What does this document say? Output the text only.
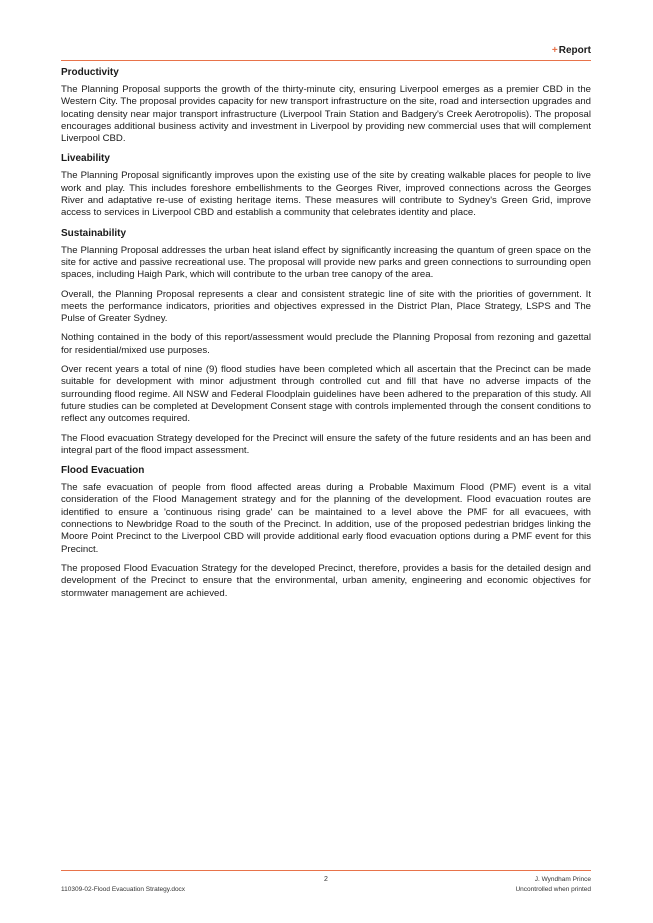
+Report
Productivity

The Planning Proposal supports the growth of the thirty-minute city, ensuring Liverpool emerges as a premier CBD in the Western City. The proposal provides capacity for new transport infrastructure on the site, road and intersection upgrades and locating density near major transport infrastructure (Liverpool Train Station and Badgery's Creek Aerotropolis). The proposal encourages additional business activity and investment in Liverpool by providing new commercial uses that will complement Liverpool CBD.

Liveability

The Planning Proposal significantly improves upon the existing use of the site by creating walkable places for people to live work and play. This includes foreshore embellishments to the Georges River, improved connections across the Georges River and adaptative re-use of existing heritage items. These measures will contribute to Sydney's Green Grid, improve access to services in Liverpool CBD and establish a community that celebrates identity and place.

Sustainability

The Planning Proposal addresses the urban heat island effect by significantly increasing the quantum of green space on the site for active and passive recreational use. The proposal will provide new parks and green connections to surrounding open spaces, including Haigh Park, which will contribute to the urban tree canopy of the area.

Overall, the Planning Proposal represents a clear and consistent strategic line of site with the priorities of government. It meets the performance indicators, priorities and objectives expressed in the District Plan, Place Strategy, LSPS and The Pulse of Greater Sydney.

Nothing contained in the body of this report/assessment would preclude the Planning Proposal from rezoning and gazettal for residential/mixed use purposes.

Over recent years a total of nine (9) flood studies have been completed which all ascertain that the Precinct can be made suitable for development with minor adjustment through controlled cut and fill that have no adverse impacts of the surrounding flood regime. All NSW and Federal Floodplain guidelines have been adhered to the preparation of this study. All future studies can be completed at Development Consent stage with controls implemented through the consent conditions to reflect any outcomes required.

The Flood evacuation Strategy developed for the Precinct will ensure the safety of the future residents and an has been and integral part of the flood impact assessment.

Flood Evacuation

The safe evacuation of people from flood affected areas during a Probable Maximum Flood (PMF) event is a vital consideration of the Flood Management strategy and for the planning of the development. Flood evacuation routes are identified to ensure a 'continuous rising grade' can be maintained to a level above the PMF for all evacuees, with connections to Newbridge Road to the south of the Precinct. In addition, use of the proposed pedestrian bridges linking the Moore Point Precinct to the Liverpool CBD will provide additional early flood evacuation options during a PMF event for this Precinct.

The proposed Flood Evacuation Strategy for the developed Precinct, therefore, provides a basis for the detailed design and development of the Precinct to ensure that the environmental, urban amenity, engineering and economic objectives for stormwater management are achieved.

2	J. Wyndham Prince
110309-02-Flood Evacuation Strategy.docx	Uncontrolled when printed
